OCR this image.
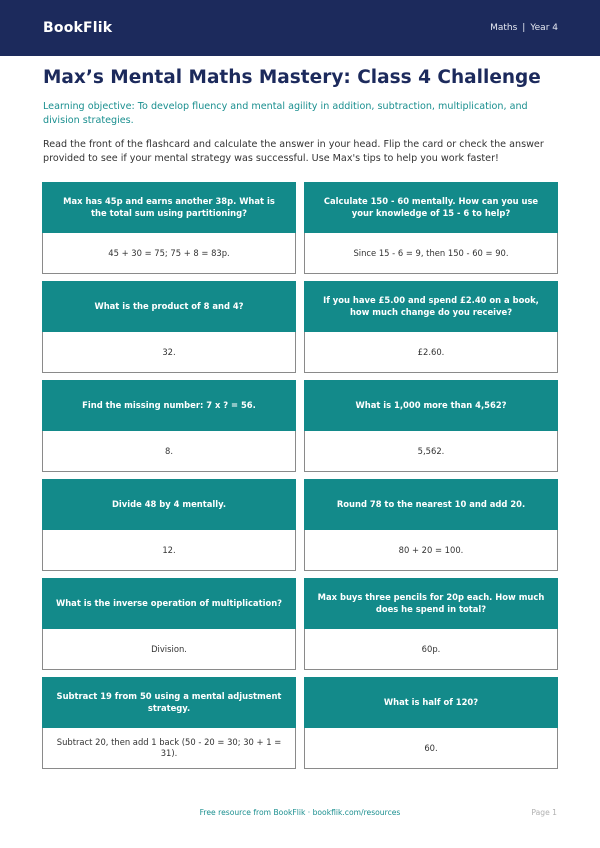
BookFlik	Maths | Year 4
Max’s Mental Maths Mastery: Class 4 Challenge

Learning objective: To develop fluency and mental agility in addition, subtraction, multiplication, and division strategies.

Read the front of the flashcard and calculate the answer in your head. Flip the card or check the answer provided to see if your mental strategy was successful. Use Max's tips to help you work faster!

Max has 45p and earns another 38p. What is the total sum using partitioning?
45 + 30 = 75; 75 + 8 = 83p.
Calculate 150 - 60 mentally. How can you use your knowledge of 15 - 6 to help?
Since 15 - 6 = 9, then 150 - 60 = 90.
What is the product of 8 and 4?
32.
If you have £5.00 and spend £2.40 on a book, how much change do you receive?
£2.60.
Find the missing number: 7 x ? = 56.
8.
What is 1,000 more than 4,562?
5,562.
Divide 48 by 4 mentally.
12.
Round 78 to the nearest 10 and add 20.
80 + 20 = 100.
What is the inverse operation of multiplication?
Division.
Max buys three pencils for 20p each. How much does he spend in total?
60p.
Subtract 19 from 50 using a mental adjustment strategy.
Subtract 20, then add 1 back (50 - 20 = 30; 30 + 1 = 31).
What is half of 120?
60.
Free resource from BookFlik · bookflik.com/resources	Page 1
